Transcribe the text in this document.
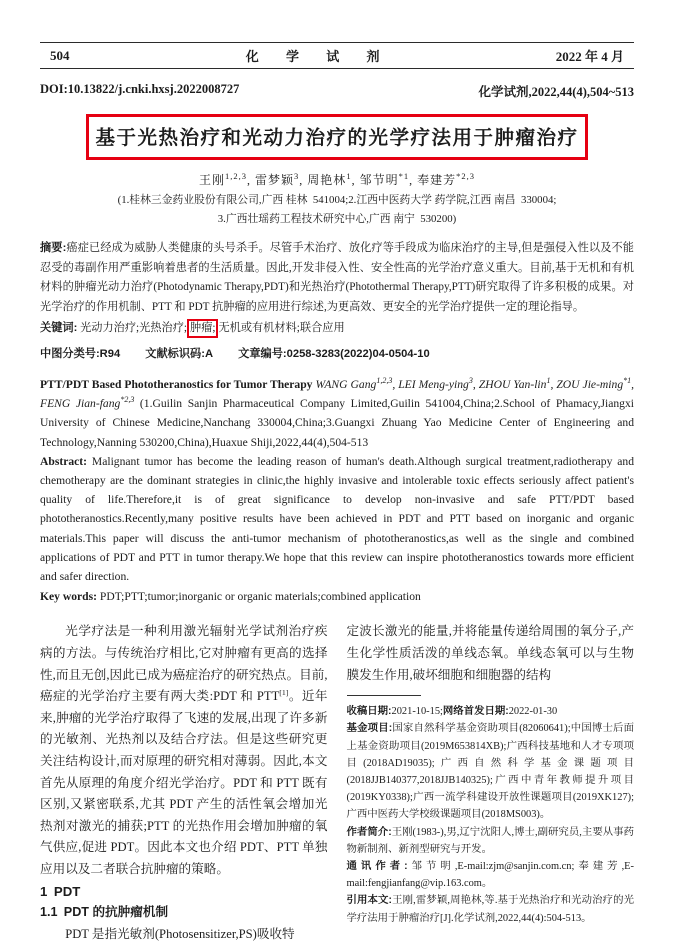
504	化 学 试 剂	2022 年 4 月
DOI:10.13822/j.cnki.hxsj.2022008727	化学试剂,2022,44(4),504~513
基于光热治疗和光动力治疗的光学疗法用于肿瘤治疗
王刚$^{1,2,3}$, 雷梦颖$^3$, 周艳林$^1$, 邹节明$^{*1}$, 奉建芳$^{*2,3}$
(1.桂林三金药业股份有限公司,广西 桂林 541004;2.江西中医药大学 药学院,江西 南昌 330004;
3.广西壮瑶药工程技术研究中心,广西 南宁 530200)
摘要:癌症已经成为威胁人类健康的头号杀手。尽管手术治疗、放化疗等手段成为临床治疗的主导,但是强侵入性以及不能忍受的毒副作用严重影响着患者的生活质量。因此,开发非侵入性、安全性高的光学治疗意义重大。目前,基于无机和有机材料的肿瘤光动力治疗(Photodynamic Therapy,PDT)和光热治疗(Photothermal Therapy,PTT)研究取得了许多积极的成果。对光学治疗的作用机制、PTT 和 PDT 抗肿瘤的应用进行综述,为更高效、更安全的光学治疗提供一定的理论指导。
关键词: 光动力治疗;光热治疗; 肿瘤; 无机或有机材料;联合应用
中图分类号:R94 文献标识码:A 文章编号:0258-3283(2022)04-0504-10
PTT/PDT Based Phototheranostics for Tumor Therapy WANG Gang$^{1,2,3}$, LEI Meng-ying$^3$, ZHOU Yan-lin$^1$, ZOU Jie-ming$^{*1}$, FENG Jian-fang$^{*2,3}$ (1.Guilin Sanjin Pharmaceutical Company Limited,Guilin 541004,China;2.School of Phamacy,Jiangxi University of Chinese Medicine,Nanchang 330004,China;3.Guangxi Zhuang Yao Medicine Center of Engineering and Technology,Nanning 530200,China),Huaxue Shiji,2022,44(4),504-513
Abstract: Malignant tumor has become the leading reason of human's death.Although surgical treatment,radiotherapy and chemotherapy are the dominant strategies in clinic,the highly invasive and intolerable toxic effects seriously affect patient's quality of life.Therefore,it is of great significance to develop non-invasive and safe PTT/PDT based phototheranostics.Recently,many positive results have been achieved in PDT and PTT based on inorganic and organic materials.This paper will discuss the anti-tumor mechanism of phototheranostics,as well as the single and combined applications of PDT and PTT in tumor therapy.We hope that this review can inspire phototheranostics towards more efficient and safer direction.
Key words: PDT;PTT;tumor;inorganic or organic materials;combined application

光学疗法是一种利用激光辐射光学试剂治疗疾病的方法。与传统治疗相比,它对肿瘤有更高的选择性,而且无创,因此已成为癌症治疗的研究热点。目前,癌症的光学治疗主要有两大类:PDT 和 PTT[1]。近年来,肿瘤的光学治疗取得了飞速的发展,出现了许多新的光敏剂、光热剂以及结合疗法。但是这些研究更关注结构设计,而对原理的研究相对薄弱。因此,本文首先从原理的角度介绍光学治疗。PDT 和 PTT 既有区别,又紧密联系,尤其 PDT 产生的活性氧会增加光热剂对激光的捕获;PTT 的光热作用会增加肿瘤的氧气供应,促进 PDT。因此本文也介绍 PDT、PTT 单独应用以及二者联合抗肿瘤的策略。

1 PDT

1.1 PDT 的抗肿瘤机制

PDT 是指光敏剂(Photosensitizer,PS)吸收特

定波长激光的能量,并将能量传递给周围的氧分子,产生化学性质活泼的单线态氧。单线态氧可以与生物膜发生作用,破坏细胞和细胞器的结构

收稿日期:2021-10-15;网络首发日期:2022-01-30

基金项目:国家自然科学基金资助项目(82060641);中国博士后面上基金资助项目(2019M653814XB);广西科技基地和人才专项项目(2018AD19035);广西自然科学基金课题项目(2018JJB140377,2018JJB140325);广西中青年教师提升项目(2019KY0338);广西一流学科建设开放性课题项目(2019XK127);广西中医药大学校级课题项目(2018MS003)。

作者简介:王刚(1983-),男,辽宁沈阳人,博士,副研究员,主要从事药物新制剂、新剂型研究与开发。

通讯作者:邹节明,E-mail:zjm@sanjin.com.cn;奉建芳,E-mail:fengjianfang@vip.163.com。

引用本文:王刚,雷梦颖,周艳林,等.基于光热治疗和光动治疗的光学疗法用于肿瘤治疗[J].化学试剂,2022,44(4):504-513。
